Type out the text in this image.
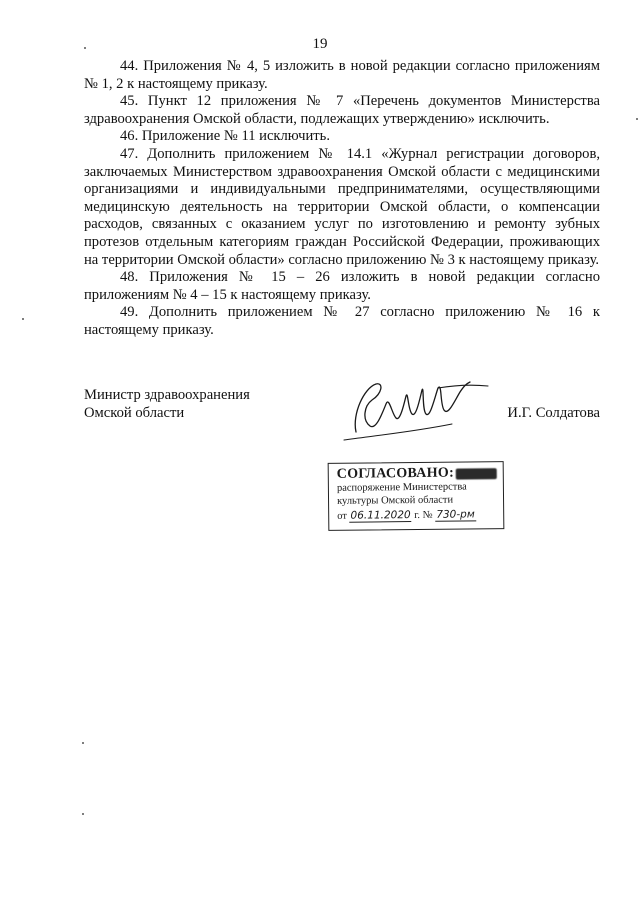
19

44. Приложения № 4, 5 изложить в новой редакции согласно приложениям № 1, 2 к настоящему приказу.

45. Пункт 12 приложения № 7 «Перечень документов Министерства здравоохранения Омской области, подлежащих утверждению» исключить.

46. Приложение № 11 исключить.

47. Дополнить приложением № 14.1 «Журнал регистрации договоров, заключаемых Министерством здравоохранения Омской области с медицинскими организациями и индивидуальными предпринимателями, осуществляющими медицинскую деятельность на территории Омской области, о компенсации расходов, связанных с оказанием услуг по изготовлению и ремонту зубных протезов отдельным категориям граждан Российской Федерации, проживающих на территории Омской области» согласно приложению № 3 к настоящему приказу.

48. Приложения № 15 – 26 изложить в новой редакции согласно приложениям № 4 – 15 к настоящему приказу.

49. Дополнить приложением № 27 согласно приложению № 16 к настоящему приказу.

Министр здравоохранения
Омской области	И.Г. Солдатова
СОГЛАСОВАНО:
распоряжение Министерства
культуры Омской области
от 06.11.2020 г. № 730-рм
